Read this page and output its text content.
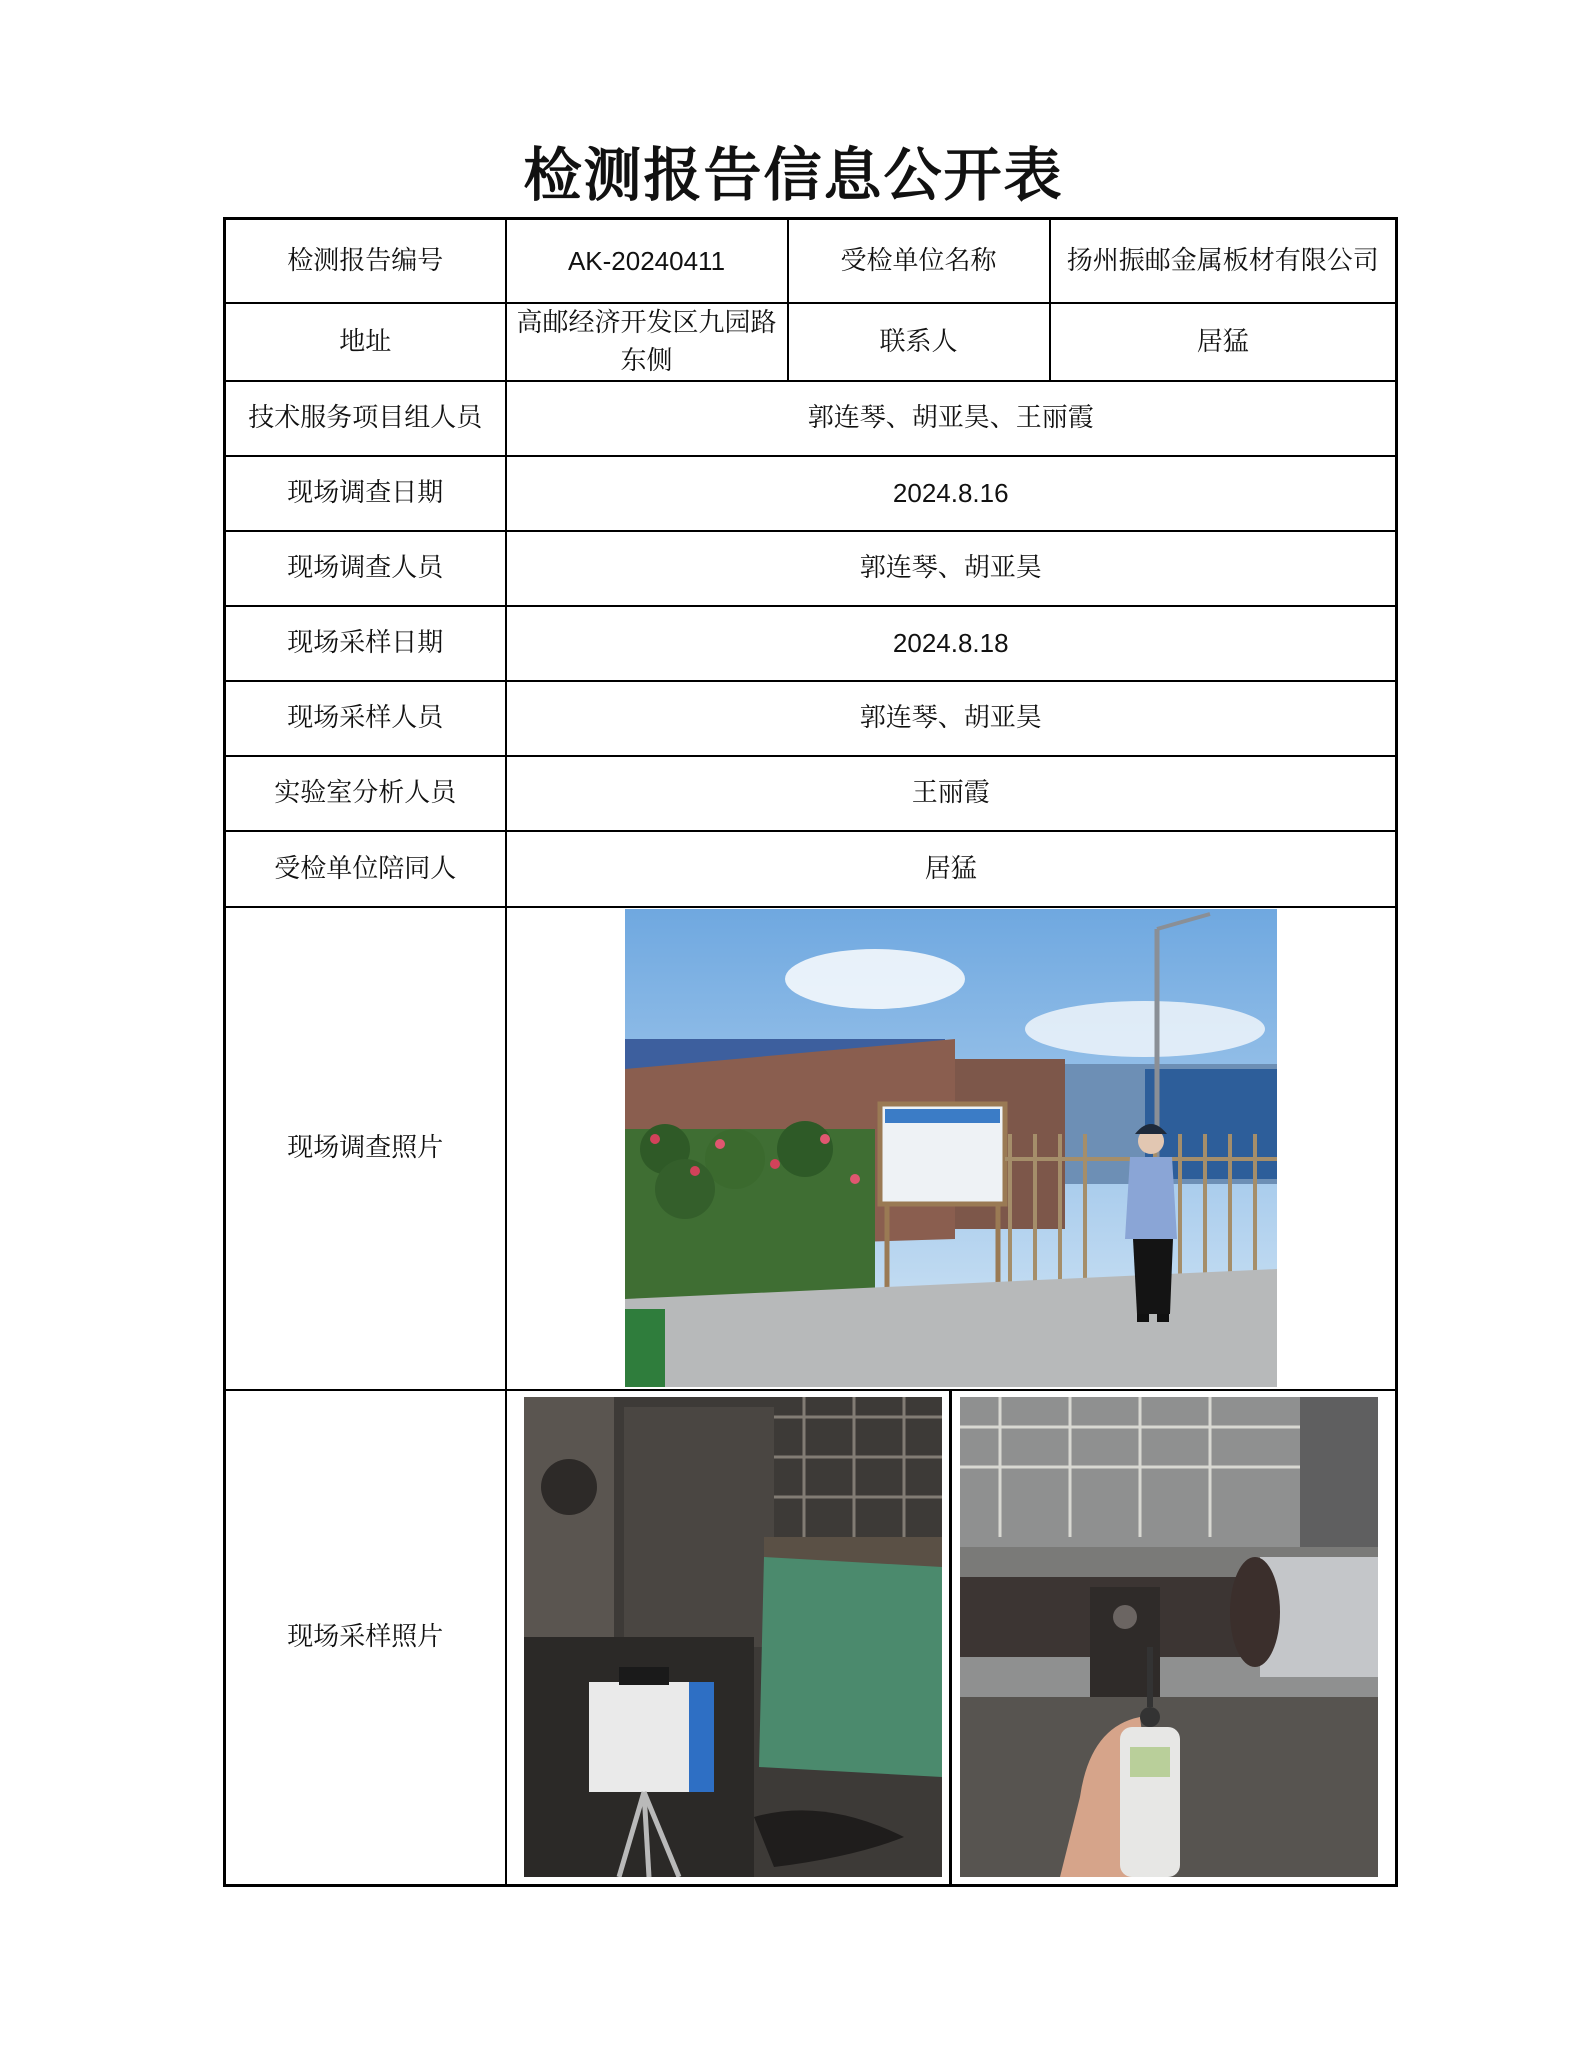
检测报告信息公开表
检测报告编号	AK-20240411	受检单位名称	扬州振邮金属板材有限公司
地址	高邮经济开发区九园路东侧	联系人	居猛
技术服务项目组人员	郭连琴、胡亚昊、王丽霞		
现场调查日期	2024.8.16		
现场调查人员	郭连琴、胡亚昊		
现场采样日期	2024.8.18		
现场采样人员	郭连琴、胡亚昊		
实验室分析人员	王丽霞		
受检单位陪同人	居猛		
现场调查照片	

现场采样照片	
